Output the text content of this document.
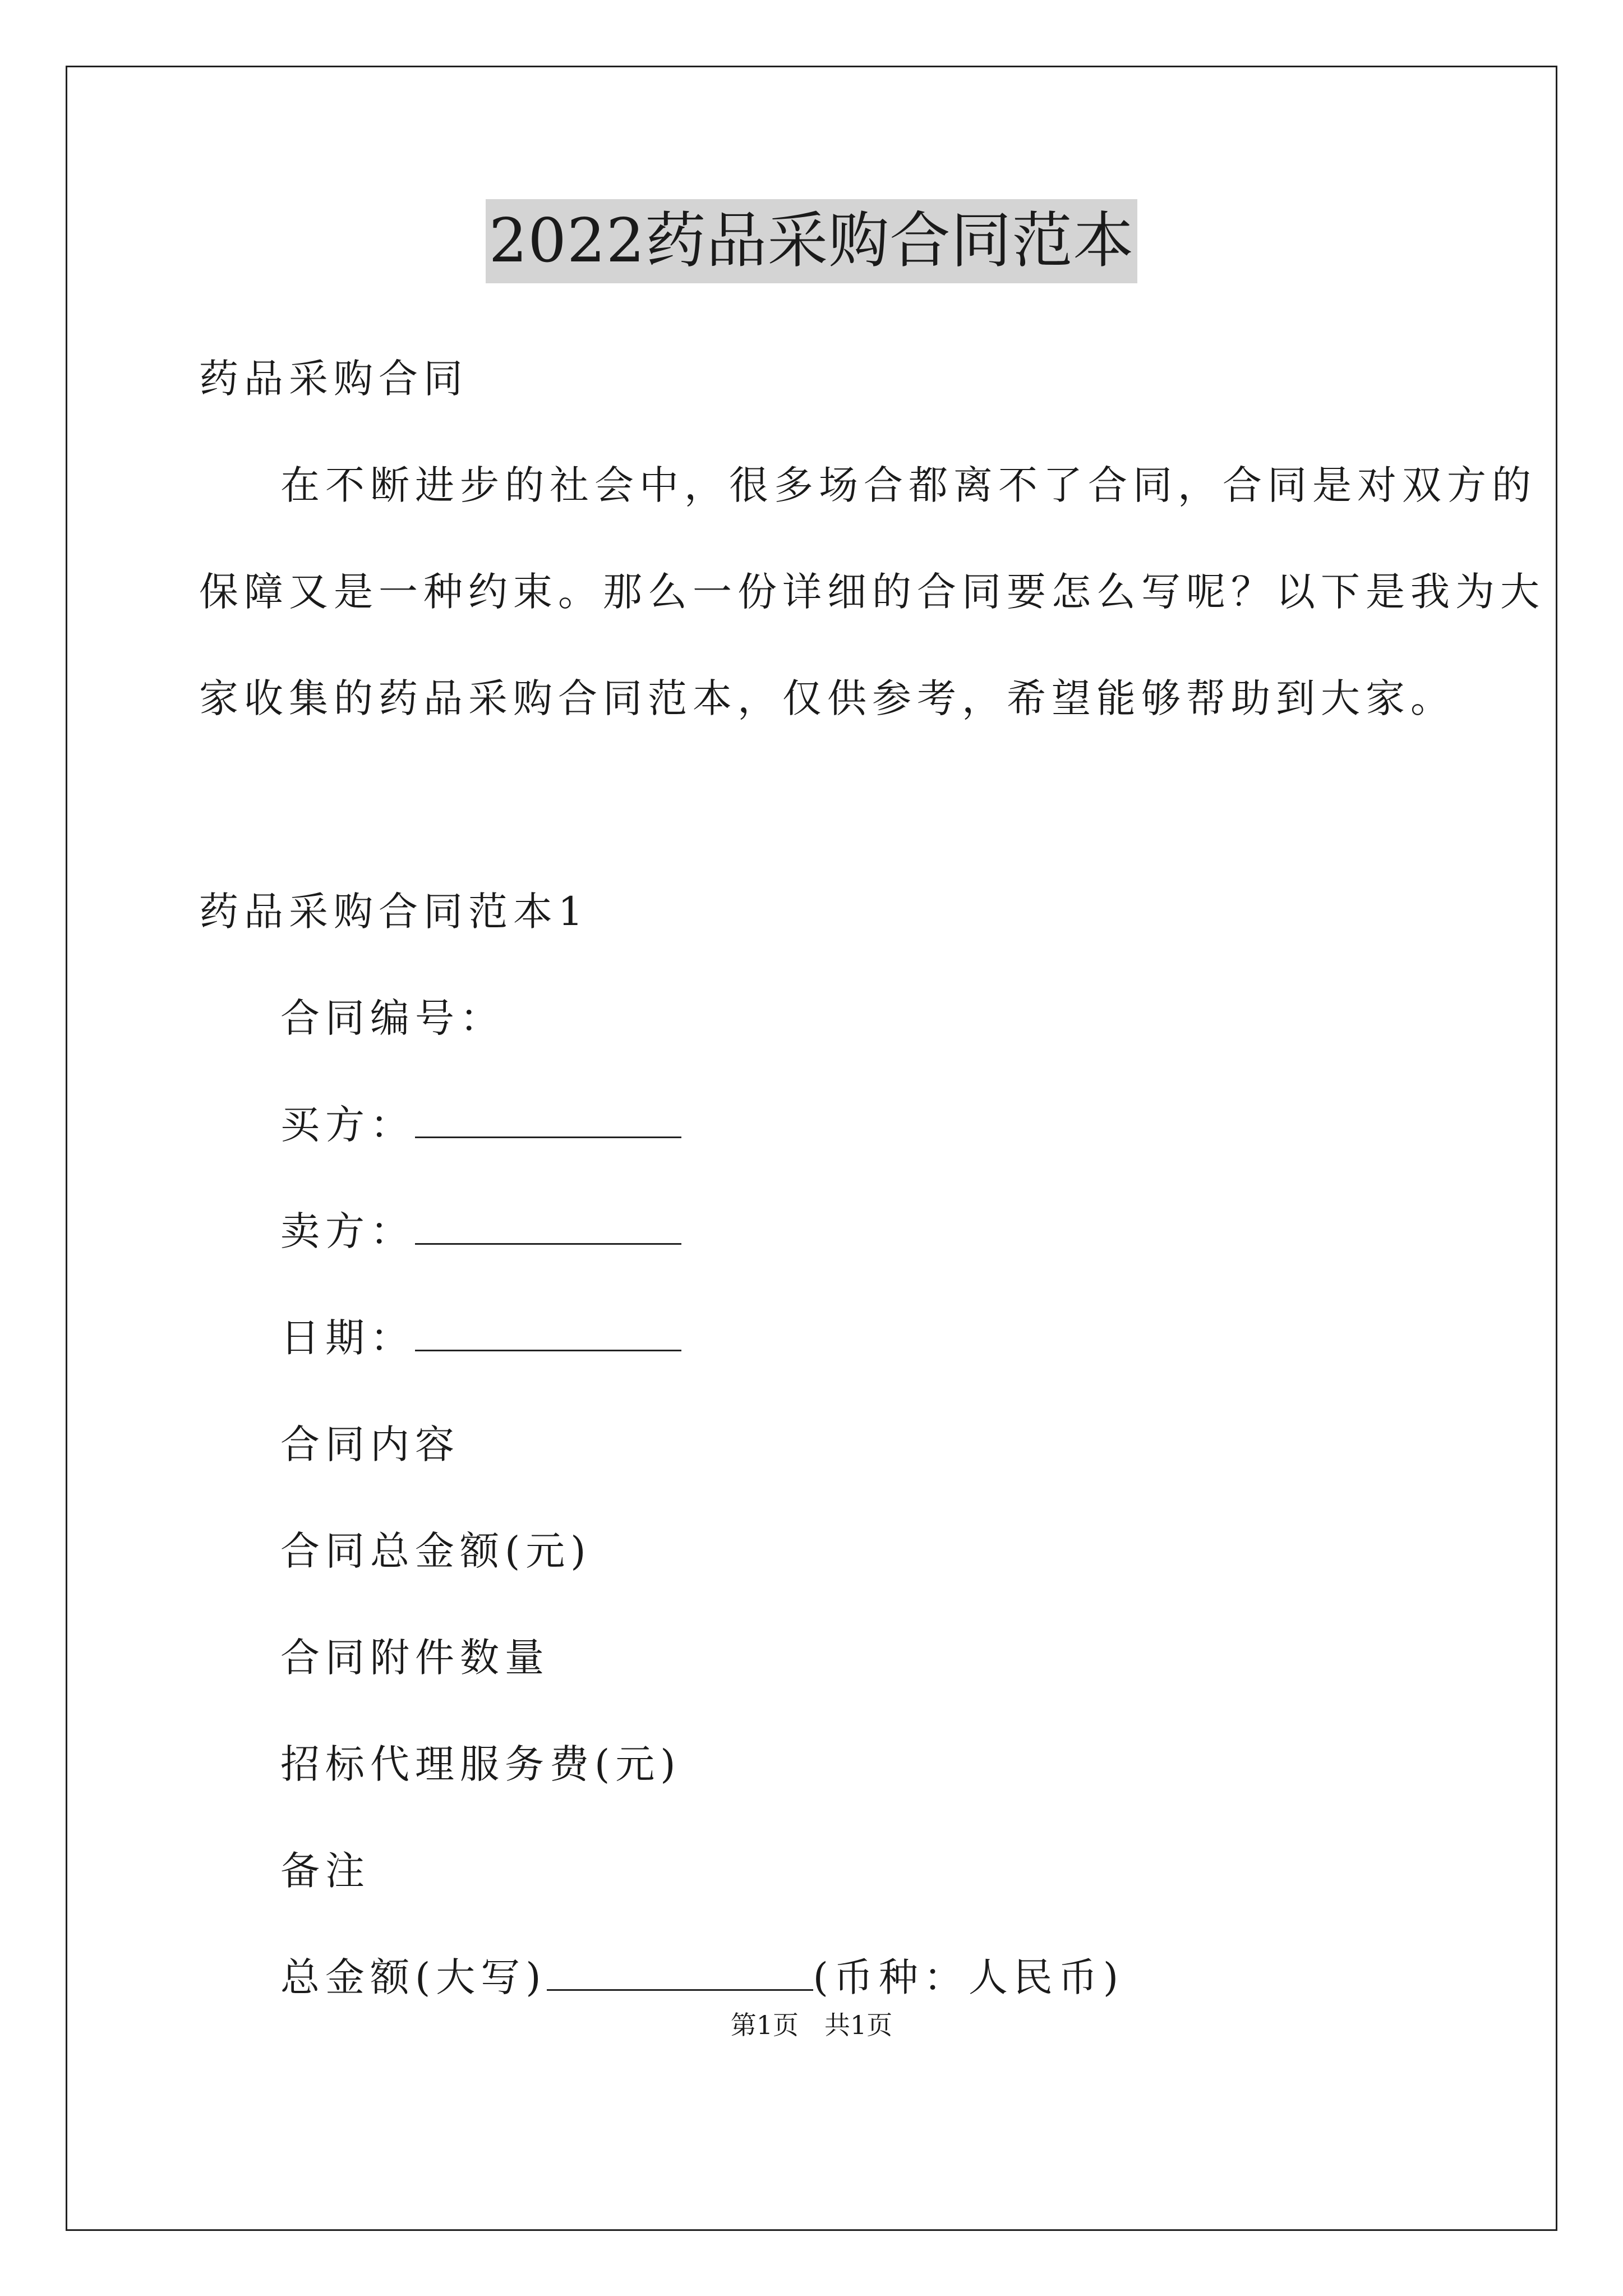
2022药品采购合同范本
药品采购合同
在不断进步的社会中，很多场合都离不了合同，合同是对双方的
保障又是一种约束。那么一份详细的合同要怎么写呢？以下是我为大
家收集的药品采购合同范本，仅供参考，希望能够帮助到大家。
药品采购合同范本1
合同编号：
买方：
卖方：
日期：
合同内容
合同总金额(元)
合同附件数量
招标代理服务费(元)
备注
总金额(大写)	(币种：人民币)
第1页　共1页
